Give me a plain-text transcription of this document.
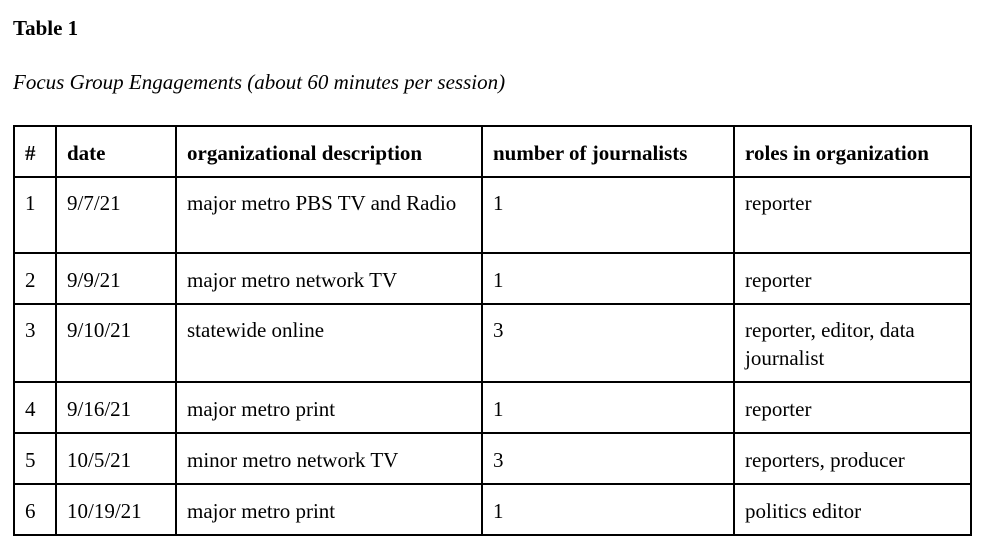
Table 1

Focus Group Engagements (about 60 minutes per session)

#	date	organizational description	number of journalists	roles in organization
1	9/7/21	major metro PBS TV and Radio	1	reporter
2	9/9/21	major metro network TV	1	reporter
3	9/10/21	statewide online	3	reporter, editor, data journalist
4	9/16/21	major metro print	1	reporter
5	10/5/21	minor metro network TV	3	reporters, producer
6	10/19/21	major metro print	1	politics editor
